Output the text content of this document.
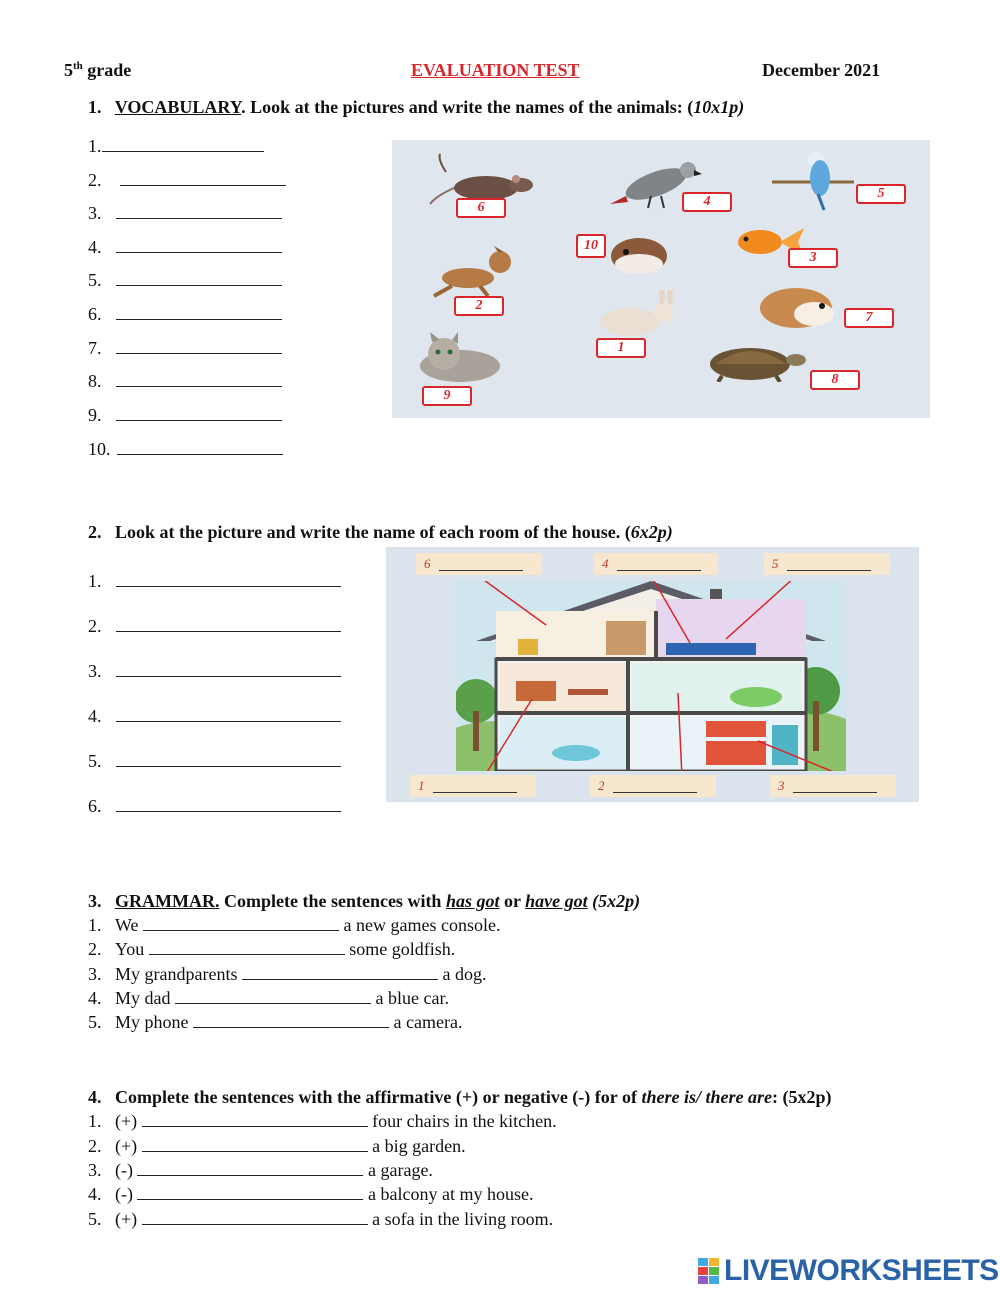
5th grade	EVALUATION TEST	December 2021
1. VOCABULARY. Look at the pictures and write the names of the animals: (10x1p)
1.
2.
3.
4.
5.
6.
7.
8.
9.
10.
6	4
5
10
3
2
1
7
8
9
2. Look at the picture and write the name of each room of the house. (6x2p)
1.
2.
3.
4.
5.
6.
6	4	5
1	2	3
3. GRAMMAR. Complete the sentences with has got or have got (5x2p)
1. We	a new games console.
2. You	some goldfish.
3. My grandparents	a dog.
4. My dad	a blue car.
5. My phone	a camera.
4. Complete the sentences with the affirmative (+) or negative (-) for of there is/ there are: (5x2p)
1. (+)	four chairs in the kitchen.
2. (+)	a big garden.
3. (-)	a garage.
4. (-)	a balcony at my house.
5. (+)	a sofa in the living room.
LIVEWORKSHEETS
